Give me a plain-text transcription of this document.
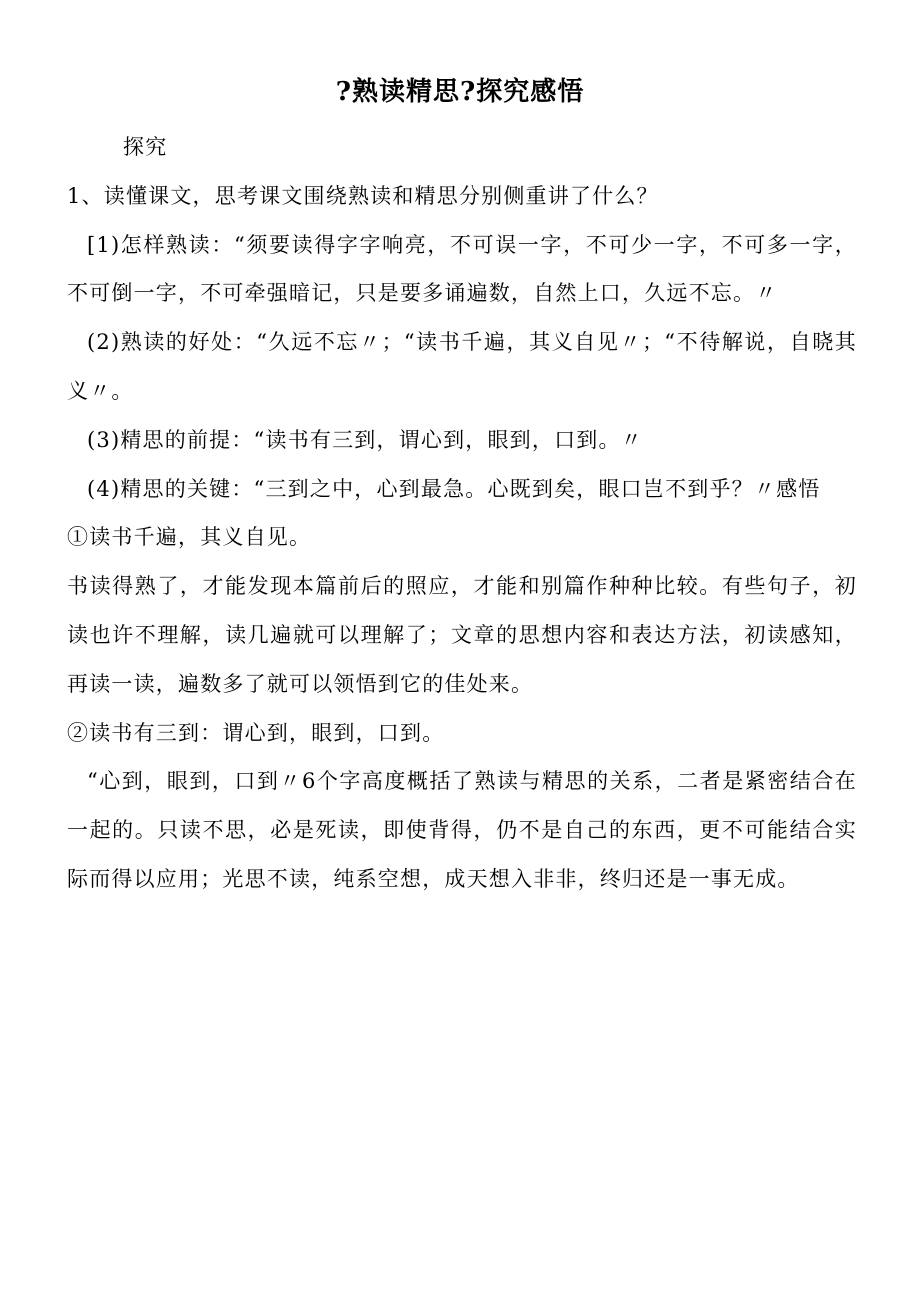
?熟读精思?探究感悟

探究

1、读懂课文，思考课文围绕熟读和精思分别侧重讲了什么？

[1)怎样熟读：“须要读得字字响亮，不可误一字，不可少一字，不可多一字，不可倒一字，不可牵强暗记，只是要多诵遍数，自然上口，久远不忘。〃

(2)熟读的好处：“久远不忘〃；“读书千遍，其义自见〃；“不待解说，自晓其义〃。

(3)精思的前提：“读书有三到，谓心到，眼到，口到。〃

(4)精思的关键：“三到之中，心到最急。心既到矣，眼口岂不到乎？〃感悟

①读书千遍，其义自见。

书读得熟了，才能发现本篇前后的照应，才能和别篇作种种比较。有些句子，初读也许不理解，读几遍就可以理解了；文章的思想内容和表达方法，初读感知，再读一读，遍数多了就可以领悟到它的佳处来。

②读书有三到：谓心到，眼到，口到。

“心到，眼到，口到〃6个字高度概括了熟读与精思的关系，二者是紧密结合在一起的。只读不思，必是死读，即使背得，仍不是自己的东西，更不可能结合实际而得以应用；光思不读，纯系空想，成天想入非非，终归还是一事无成。
